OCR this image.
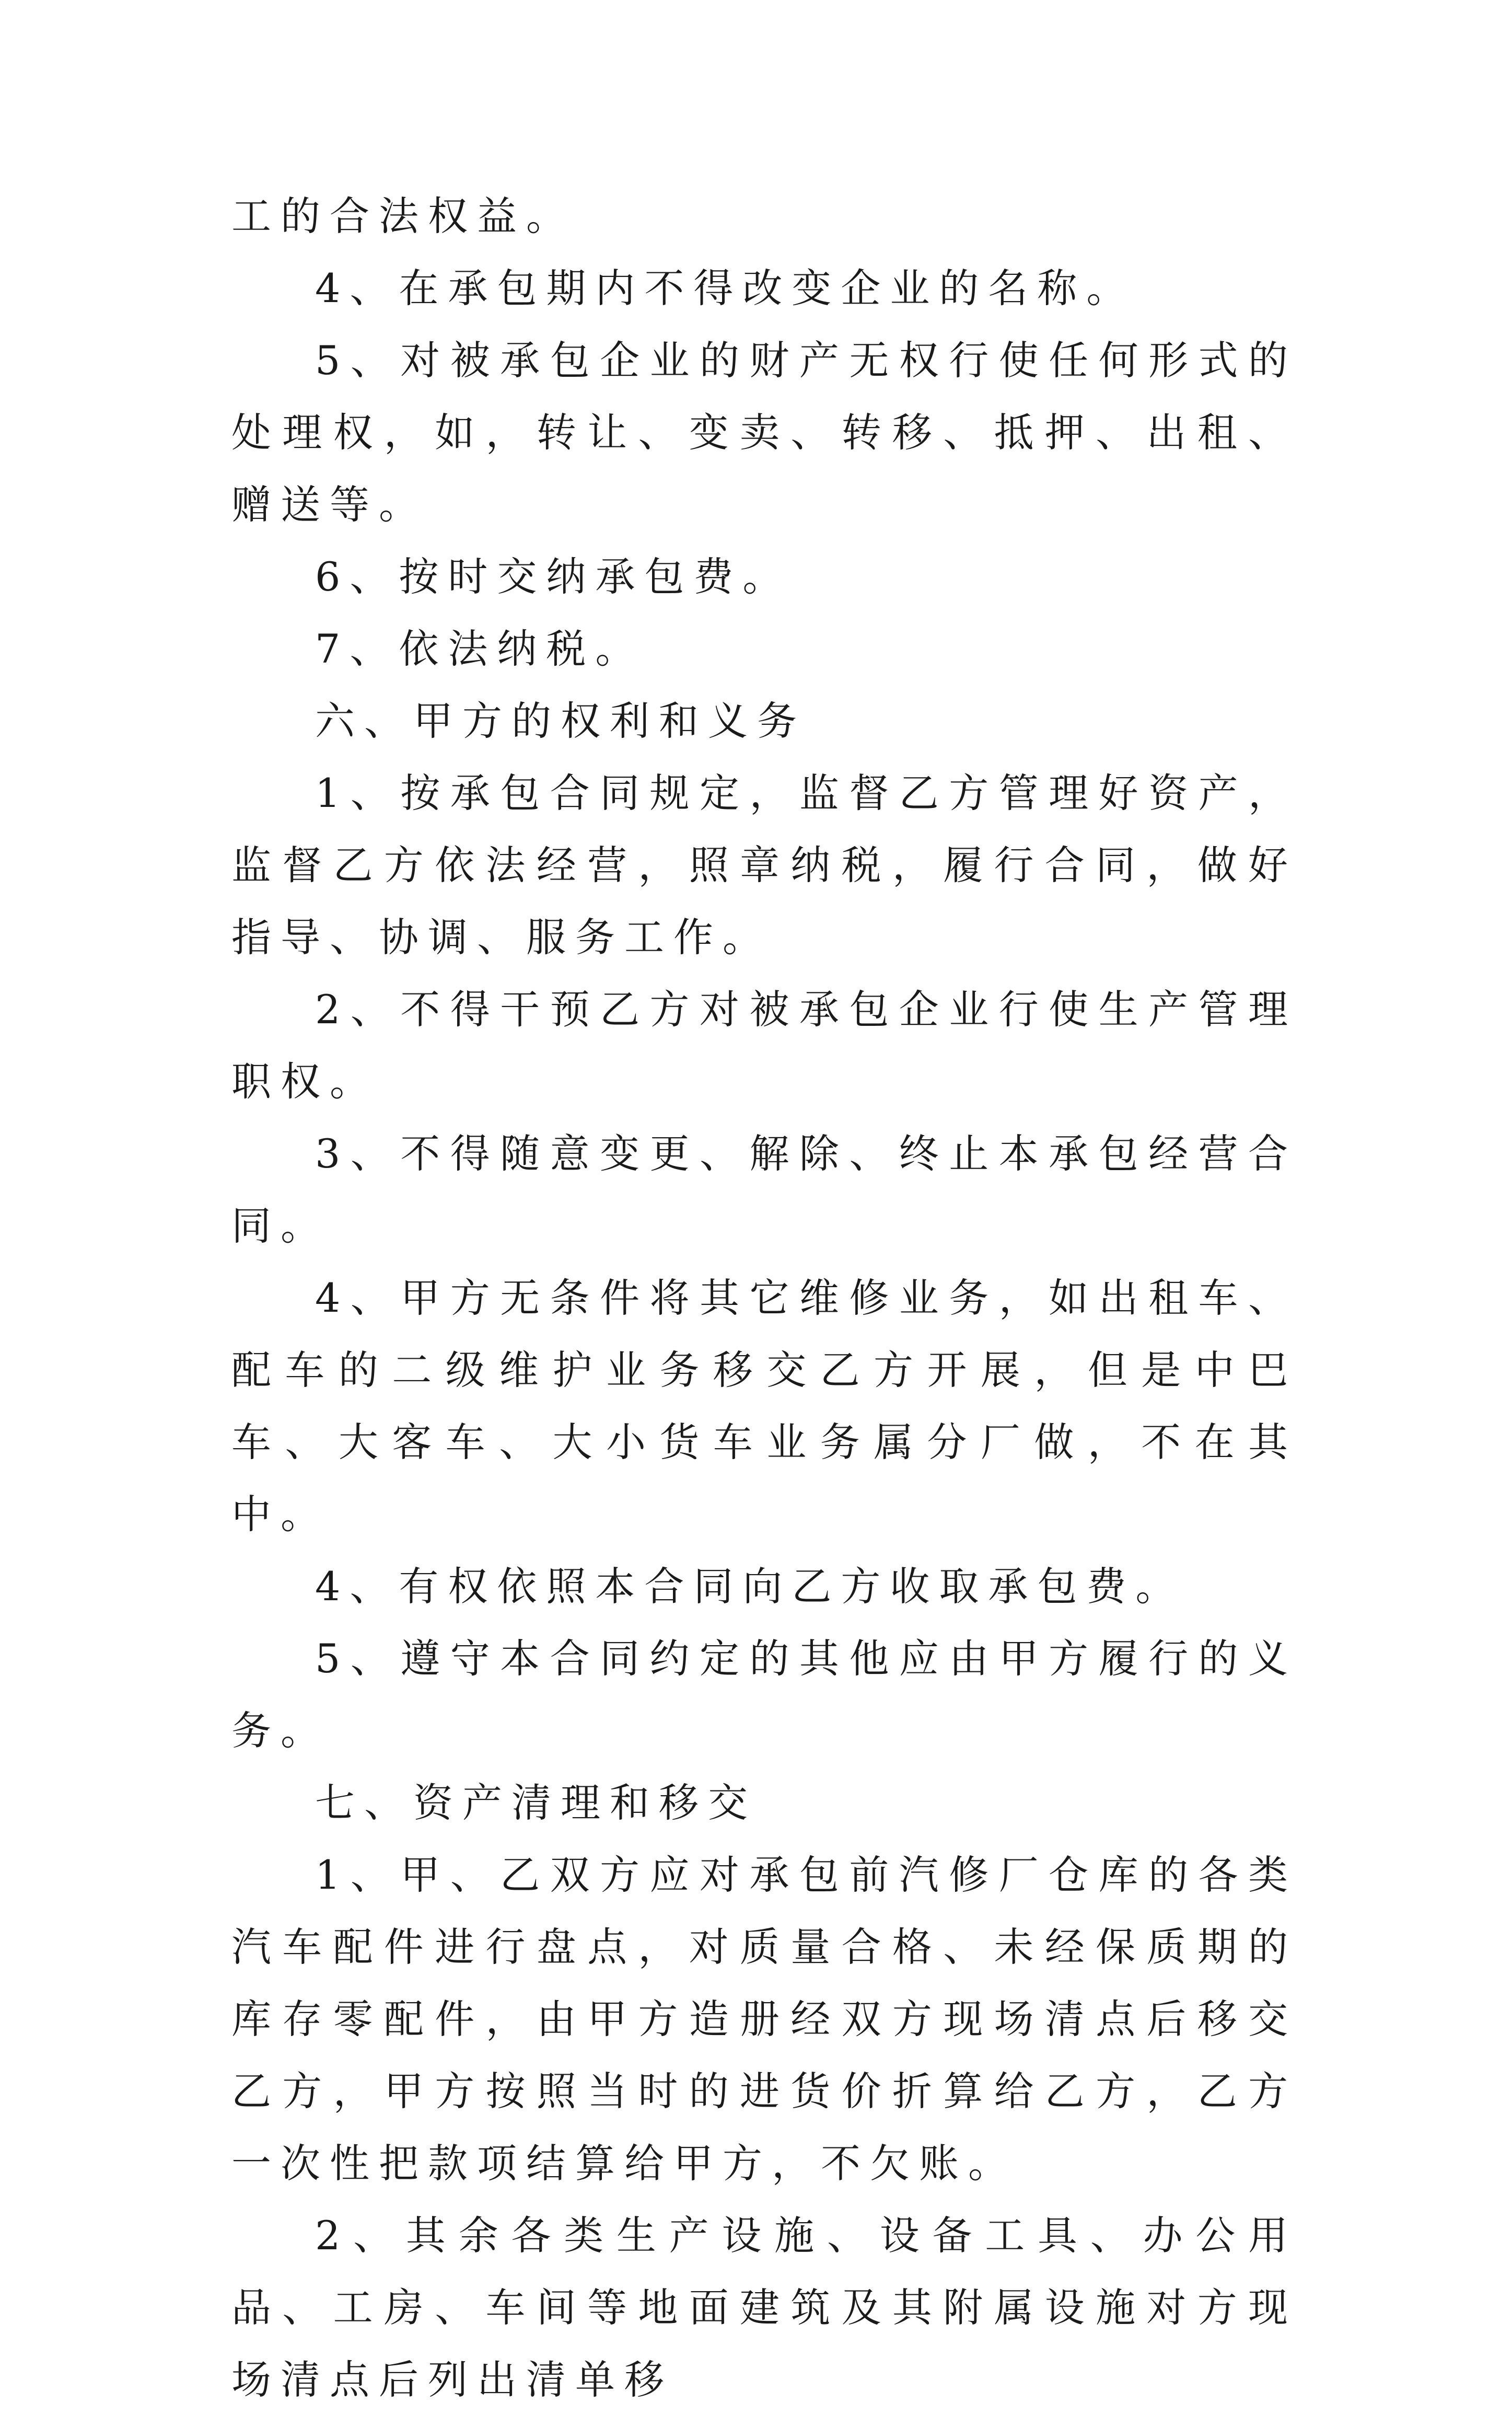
工的合法权益。

4、在承包期内不得改变企业的名称。

5、对被承包企业的财产无权行使任何形式的处理权，如，转让、变卖、转移、抵押、出租、赠送等。

6、按时交纳承包费。

7、依法纳税。

六、甲方的权利和义务

1、按承包合同规定，监督乙方管理好资产，监督乙方依法经营，照章纳税，履行合同，做好指导、协调、服务工作。

2、不得干预乙方对被承包企业行使生产管理职权。

3、不得随意变更、解除、终止本承包经营合同。

4、甲方无条件将其它维修业务，如出租车、配车的二级维护业务移交乙方开展，但是中巴车、大客车、大小货车业务属分厂做，不在其中。

4、有权依照本合同向乙方收取承包费。

5、遵守本合同约定的其他应由甲方履行的义务。

七、资产清理和移交

1、甲、乙双方应对承包前汽修厂仓库的各类汽车配件进行盘点，对质量合格、未经保质期的库存零配件，由甲方造册经双方现场清点后移交乙方，甲方按照当时的进货价折算给乙方，乙方一次性把款项结算给甲方，不欠账。

2、其余各类生产设施、设备工具、办公用品、工房、车间等地面建筑及其附属设施对方现场清点后列出清单移
